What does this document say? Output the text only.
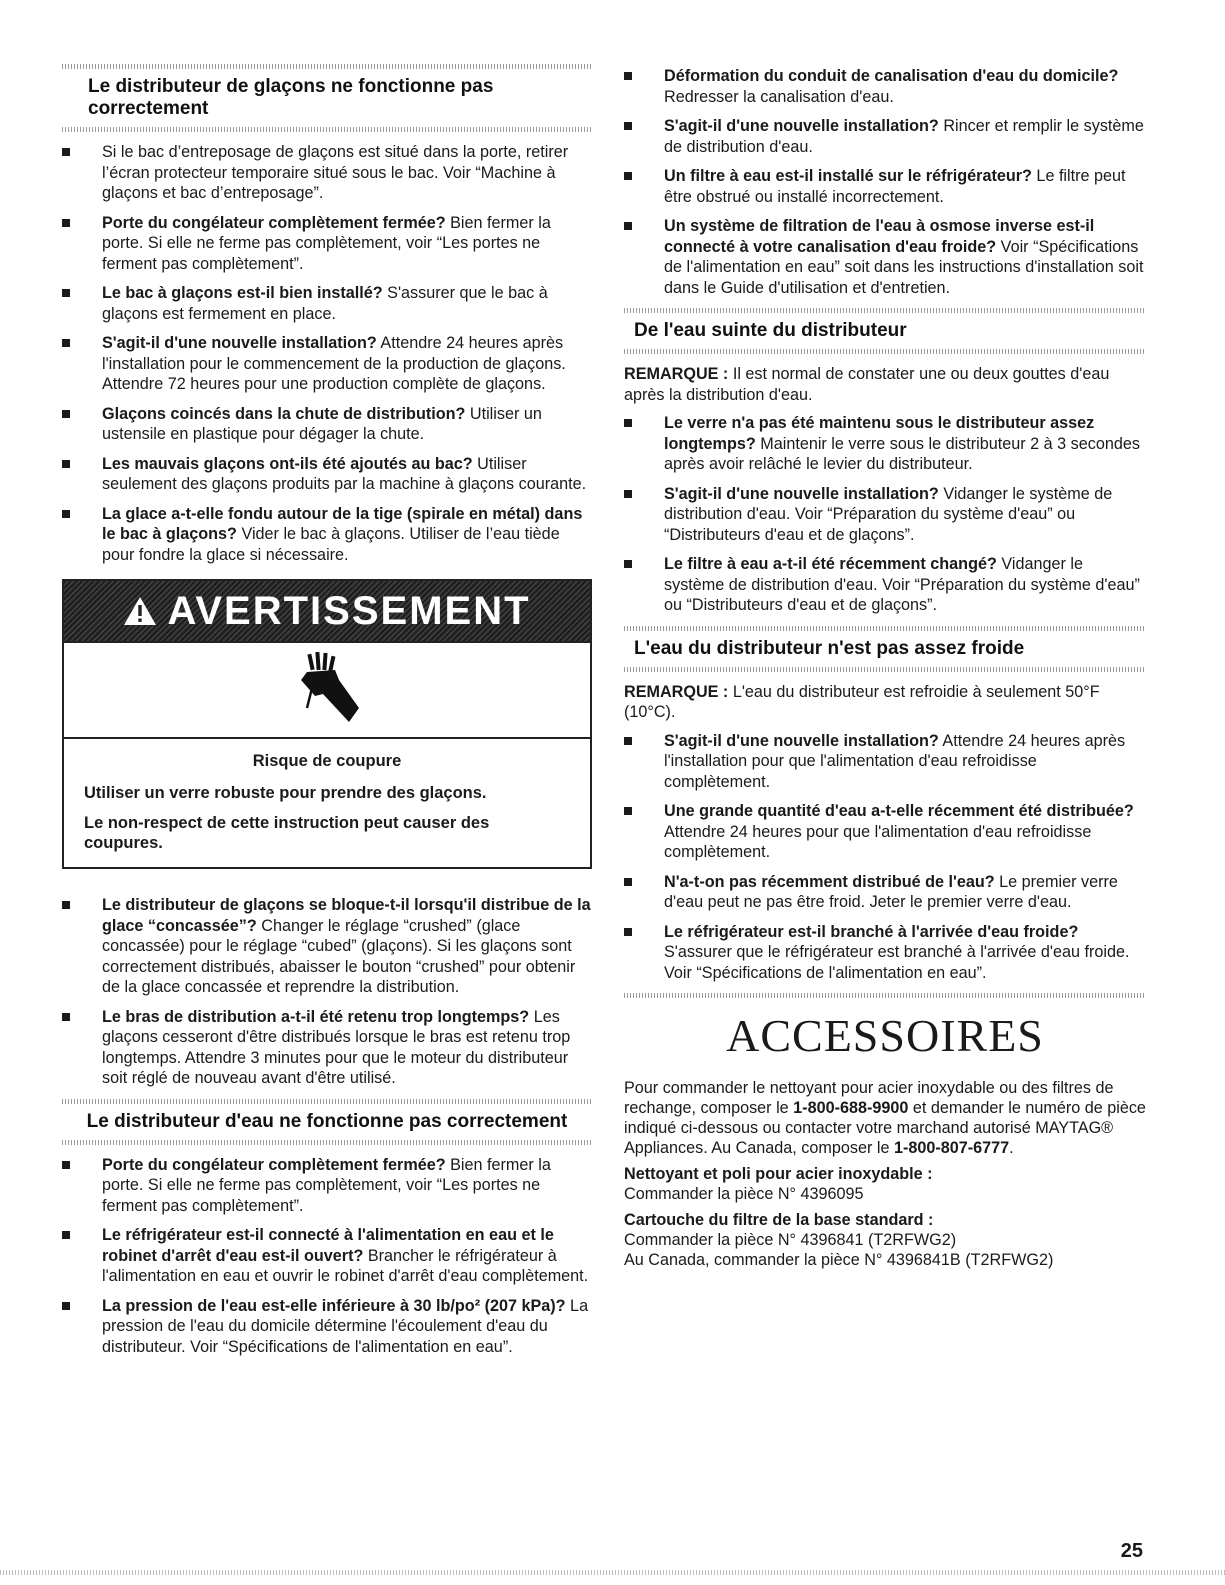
Le distributeur de glaçons ne fonctionne pas correctement
Si le bac d’entreposage de glaçons est situé dans la porte, retirer l’écran protecteur temporaire situé sous le bac. Voir “Machine à glaçons et bac d’entreposage”.
Porte du congélateur complètement fermée? Bien fermer la porte. Si elle ne ferme pas complètement, voir “Les portes ne ferment pas complètement”.
Le bac à glaçons est-il bien installé? S'assurer que le bac à glaçons est fermement en place.
S'agit-il d'une nouvelle installation? Attendre 24 heures après l'installation pour le commencement de la production de glaçons. Attendre 72 heures pour une production complète de glaçons.
Glaçons coincés dans la chute de distribution? Utiliser un ustensile en plastique pour dégager la chute.
Les mauvais glaçons ont-ils été ajoutés au bac? Utiliser seulement des glaçons produits par la machine à glaçons courante.
La glace a-t-elle fondu autour de la tige (spirale en métal) dans le bac à glaçons? Vider le bac à glaçons. Utiliser de l’eau tiède pour fondre la glace si nécessaire.
AVERTISSEMENT
Risque de coupure
Utiliser un verre robuste pour prendre des glaçons.
Le non-respect de cette instruction peut causer des coupures.
Le distributeur de glaçons se bloque-t-il lorsqu'il distribue de la glace “concassée”? Changer le réglage “crushed” (glace concassée) pour le réglage “cubed” (glaçons). Si les glaçons sont correctement distribués, abaisser le bouton “crushed” pour obtenir de la glace concassée et reprendre la distribution.
Le bras de distribution a-t-il été retenu trop longtemps? Les glaçons cesseront d'être distribués lorsque le bras est retenu trop longtemps. Attendre 3 minutes pour que le moteur du distributeur soit réglé de nouveau avant d'être utilisé.
Le distributeur d'eau ne fonctionne pas correctement
Porte du congélateur complètement fermée? Bien fermer la porte. Si elle ne ferme pas complètement, voir “Les portes ne ferment pas complètement”.
Le réfrigérateur est-il connecté à l'alimentation en eau et le robinet d'arrêt d'eau est-il ouvert? Brancher le réfrigérateur à l'alimentation en eau et ouvrir le robinet d'arrêt d'eau complètement.
La pression de l'eau est-elle inférieure à 30 lb/po² (207 kPa)? La pression de l'eau du domicile détermine l'écoulement d'eau du distributeur. Voir “Spécifications de l'alimentation en eau”.
Déformation du conduit de canalisation d'eau du domicile? Redresser la canalisation d'eau.
S'agit-il d'une nouvelle installation? Rincer et remplir le système de distribution d'eau.
Un filtre à eau est-il installé sur le réfrigérateur? Le filtre peut être obstrué ou installé incorrectement.
Un système de filtration de l'eau à osmose inverse est-il connecté à votre canalisation d'eau froide? Voir “Spécifications de l'alimentation en eau” soit dans les instructions d'installation soit dans le Guide d'utilisation et d'entretien.
De l'eau suinte du distributeur

REMARQUE : Il est normal de constater une ou deux gouttes d'eau après la distribution d'eau.

Le verre n'a pas été maintenu sous le distributeur assez longtemps? Maintenir le verre sous le distributeur 2 à 3 secondes après avoir relâché le levier du distributeur.
S'agit-il d'une nouvelle installation? Vidanger le système de distribution d'eau. Voir “Préparation du système d'eau” ou “Distributeurs d'eau et de glaçons”.
Le filtre à eau a-t-il été récemment changé? Vidanger le système de distribution d'eau. Voir “Préparation du système d'eau” ou “Distributeurs d'eau et de glaçons”.
L'eau du distributeur n'est pas assez froide

REMARQUE : L'eau du distributeur est refroidie à seulement 50°F (10°C).

S'agit-il d'une nouvelle installation? Attendre 24 heures après l'installation pour que l'alimentation d'eau refroidisse complètement.
Une grande quantité d'eau a-t-elle récemment été distribuée? Attendre 24 heures pour que l'alimentation d'eau refroidisse complètement.
N'a-t-on pas récemment distribué de l'eau? Le premier verre d'eau peut ne pas être froid. Jeter le premier verre d'eau.
Le réfrigérateur est-il branché à l'arrivée d'eau froide? S'assurer que le réfrigérateur est branché à l'arrivée d'eau froide. Voir “Spécifications de l'alimentation en eau”.
ACCESSOIRES

Pour commander le nettoyant pour acier inoxydable ou des filtres de rechange, composer le 1-800-688-9900 et demander le numéro de pièce indiqué ci-dessous ou contacter votre marchand autorisé MAYTAG® Appliances. Au Canada, composer le 1-800-807-6777.

Nettoyant et poli pour acier inoxydable :

Commander la pièce N° 4396095

Cartouche du filtre de la base standard :

Commander la pièce N° 4396841 (T2RFWG2)

Au Canada, commander la pièce N° 4396841B (T2RFWG2)

25
